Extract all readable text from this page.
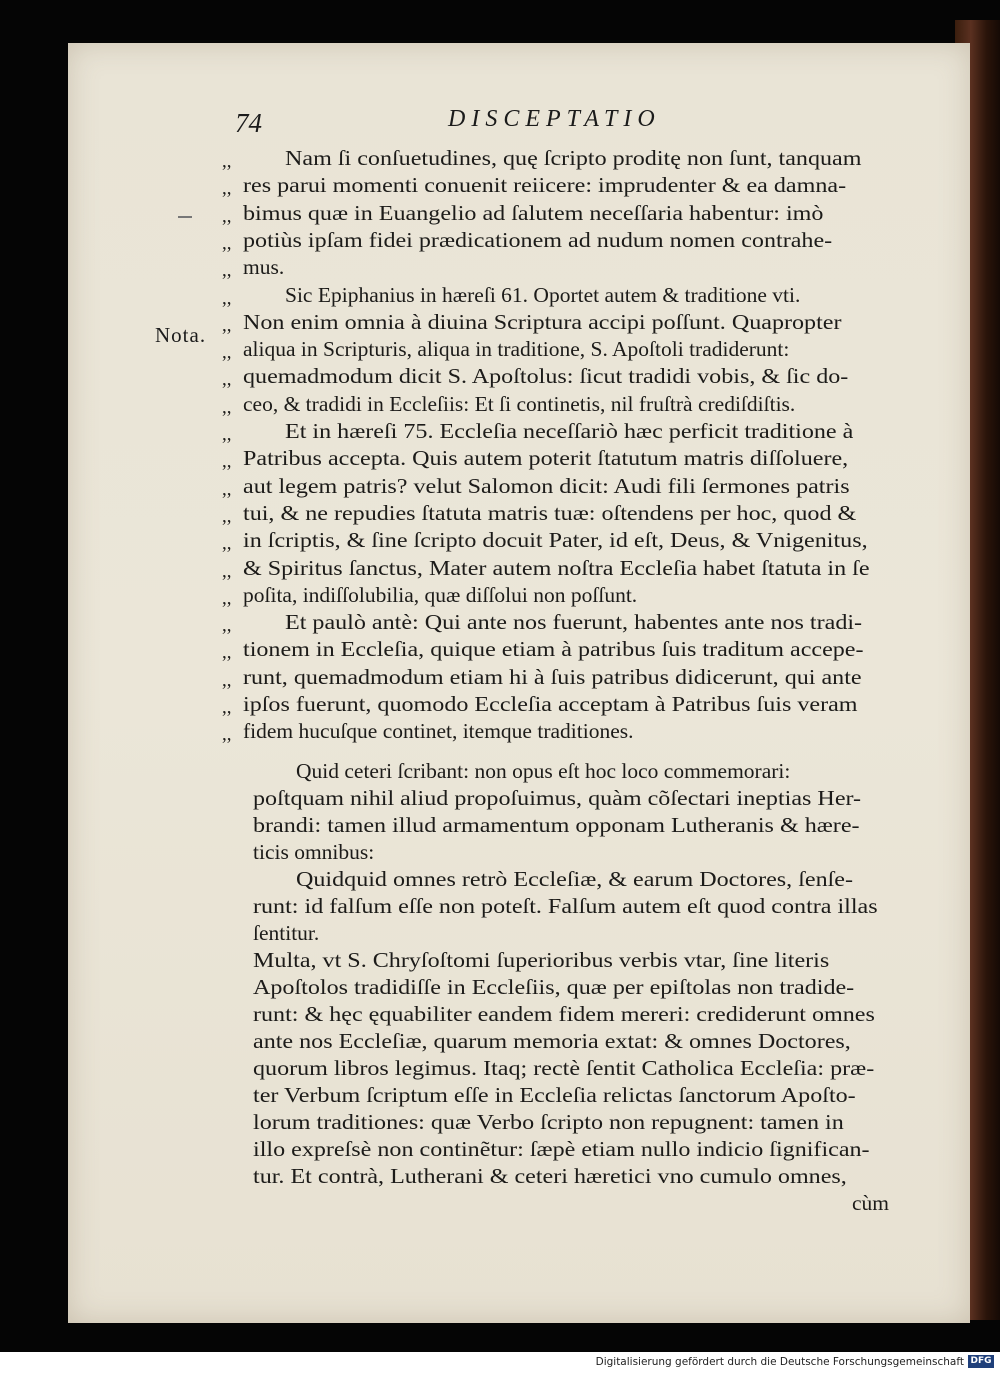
74	DISCEPTATIO
Nota.
,, Nam ſi conſuetudines, quę ſcripto proditę non ſunt, tanquam
,, res parui momenti conuenit reiicere: imprudenter & ea damna-
,, bimus quæ in Euangelio ad ſalutem neceſſaria habentur: imò
,, potiùs ipſam fidei prædicationem ad nudum nomen contrahe-
,, mus.
,, Sic Epiphanius in hæreſi 61. Oportet autem & traditione vti.
,, Non enim omnia à diuina Scriptura accipi poſſunt. Quapropter
,, aliqua in Scripturis, aliqua in traditione, S. Apoſtoli tradiderunt:
,, quemadmodum dicit S. Apoſtolus: ſicut tradidi vobis, & ſic do-
,, ceo, & tradidi in Eccleſiis: Et ſi continetis, nil fruſtrà crediſdiſtis.
,, Et in hæreſi 75. Eccleſia neceſſariò hæc perficit traditione à
,, Patribus accepta. Quis autem poterit ſtatutum matris diſſoluere,
,, aut legem patris? velut Salomon dicit: Audi fili ſermones patris
,, tui, & ne repudies ſtatuta matris tuæ: oſtendens per hoc, quod &
,, in ſcriptis, & ſine ſcripto docuit Pater, id eſt, Deus, & Vnigenitus,
,, & Spiritus ſanctus, Mater autem noſtra Eccleſia habet ſtatuta in ſe
,, poſita, indiſſolubilia, quæ diſſolui non poſſunt.
,, Et paulò antè: Qui ante nos fuerunt, habentes ante nos tradi-
,, tionem in Eccleſia, quique etiam à patribus ſuis traditum accepe-
,, runt, quemadmodum etiam hi à ſuis patribus didicerunt, qui ante
,, ipſos fuerunt, quomodo Eccleſia acceptam à Patribus ſuis veram
,, fidem hucuſque continet, itemque traditiones.
Quid ceteri ſcribant: non opus eſt hoc loco commemorari:
poſtquam nihil aliud propoſuimus, quàm cõſectari ineptias Her-
brandi: tamen illud armamentum opponam Lutheranis & hære-
ticis omnibus:
Quidquid omnes retrò Eccleſiæ, & earum Doctores, ſenſe-
runt: id falſum eſſe non poteſt. Falſum autem eſt quod contra illas
ſentitur.
Multa, vt S. Chryſoſtomi ſuperioribus verbis vtar, ſine literis
Apoſtolos tradidiſſe in Eccleſiis, quæ per epiſtolas non tradide-
runt: & hęc ęquabiliter eandem fidem mereri: crediderunt omnes
ante nos Eccleſiæ, quarum memoria extat: & omnes Doctores,
quorum libros legimus. Itaq; rectè ſentit Catholica Eccleſia: præ-
ter Verbum ſcriptum eſſe in Eccleſia relictas ſanctorum Apoſto-
lorum traditiones: quæ Verbo ſcripto non repugnent: tamen in
illo expreſsè non continẽtur: ſæpè etiam nullo indicio ſignifican-
tur. Et contrà, Lutherani & ceteri hæretici vno cumulo omnes,
cùm
Digitalisierung gefördert durch die Deutsche Forschungsgemeinschaft DFG
